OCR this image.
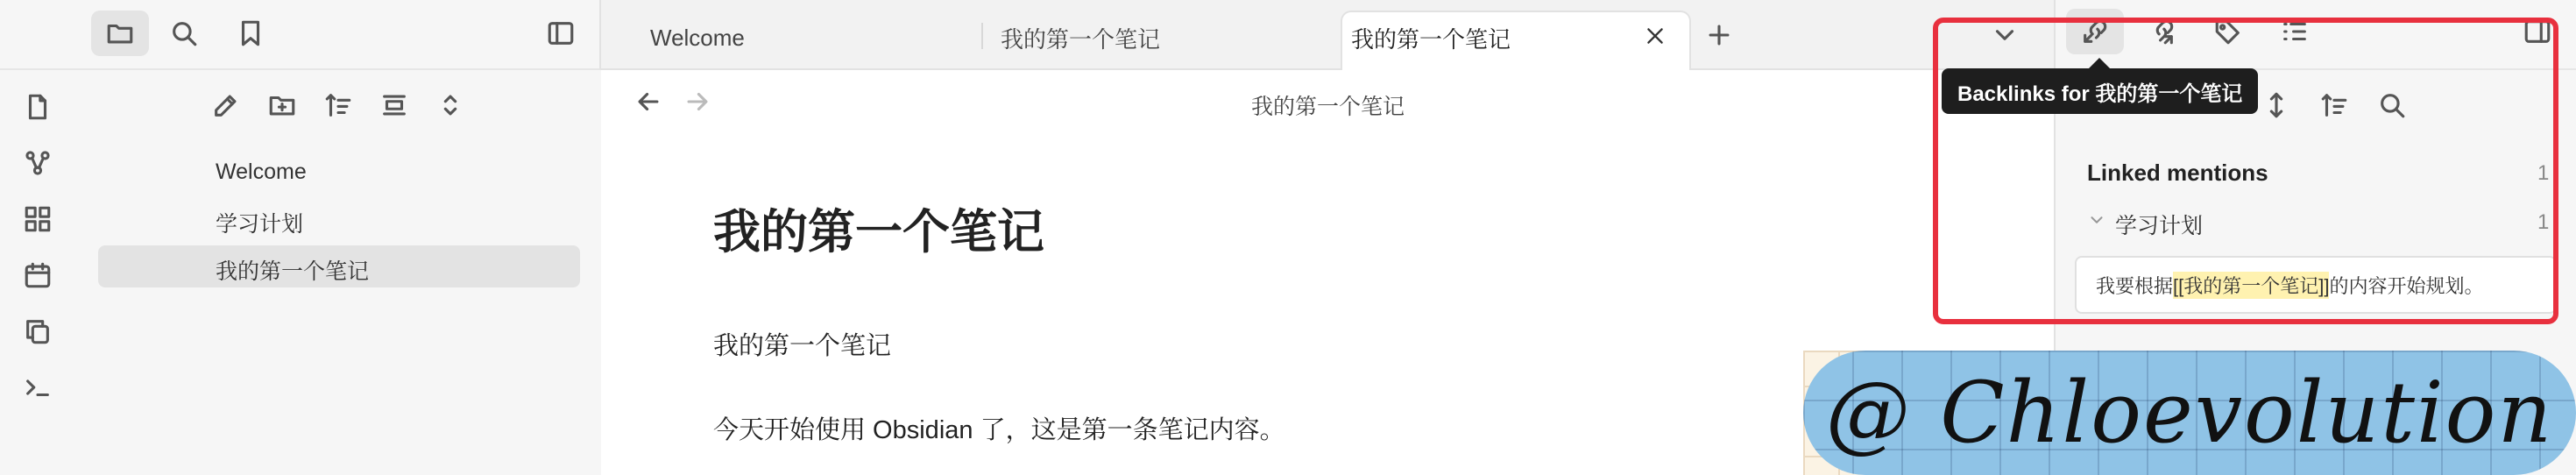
Welcome
学习计划
我的第一个笔记
Welcome	我的第一个笔记	我的第一个笔记
我的第一个笔记
我的第一个笔记
我的第一个笔记
今天开始使用 Obsidian 了，这是第一条笔记内容。
Linked mentions	1
学习计划	1
我要根据 [[我的第一个笔记]] 的内容开始规划。
Backlinks for 我的第一个笔记
@ Chloevolution
